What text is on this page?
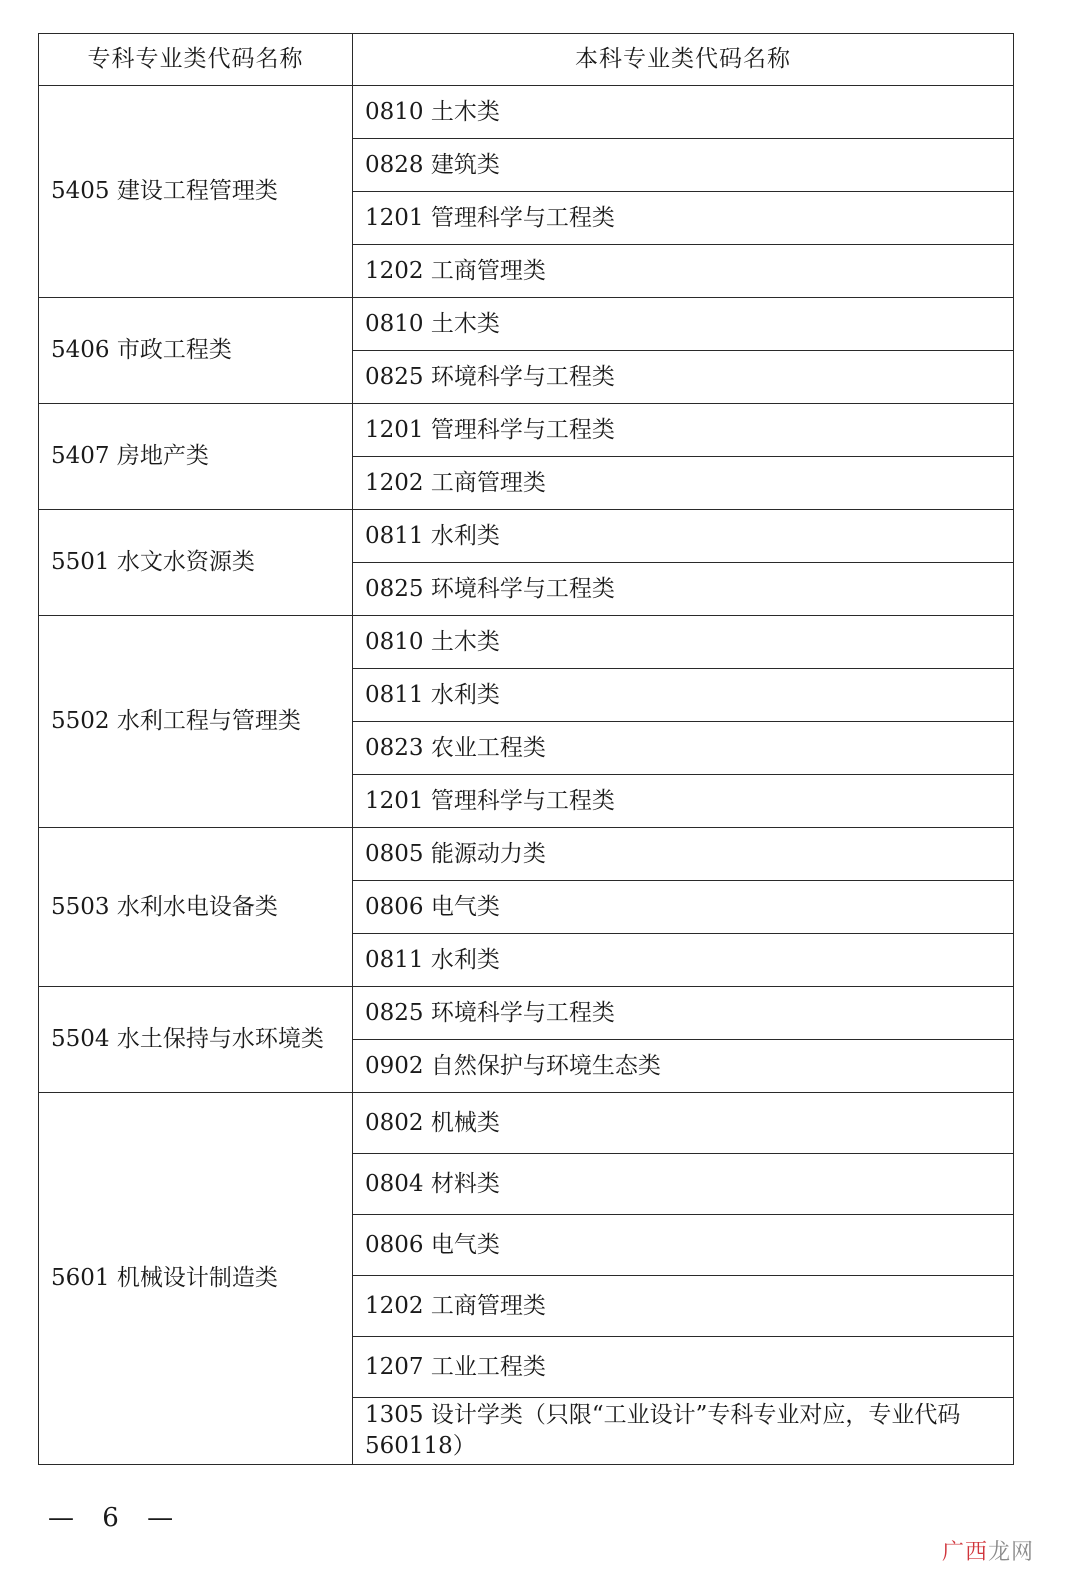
专科专业类代码名称	本科专业类代码名称
5405 建设工程管理类	0810 土木类
	0828 建筑类
	1201 管理科学与工程类
	1202 工商管理类
5406 市政工程类	0810 土木类
	0825 环境科学与工程类
5407 房地产类	1201 管理科学与工程类
	1202 工商管理类
5501 水文水资源类	0811 水利类
	0825 环境科学与工程类
5502 水利工程与管理类	0810 土木类
	0811 水利类
	0823 农业工程类
	1201 管理科学与工程类
5503 水利水电设备类	0805 能源动力类
	0806 电气类
	0811 水利类
5504 水土保持与水环境类	0825 环境科学与工程类
	0902 自然保护与环境生态类
5601 机械设计制造类	0802 机械类
	0804 材料类
	0806 电气类
	1202 工商管理类
	1207 工业工程类
	1305 设计学类（只限“工业设计”专科专业对应，专业代码 560118）
— 6 —
广西龙网
